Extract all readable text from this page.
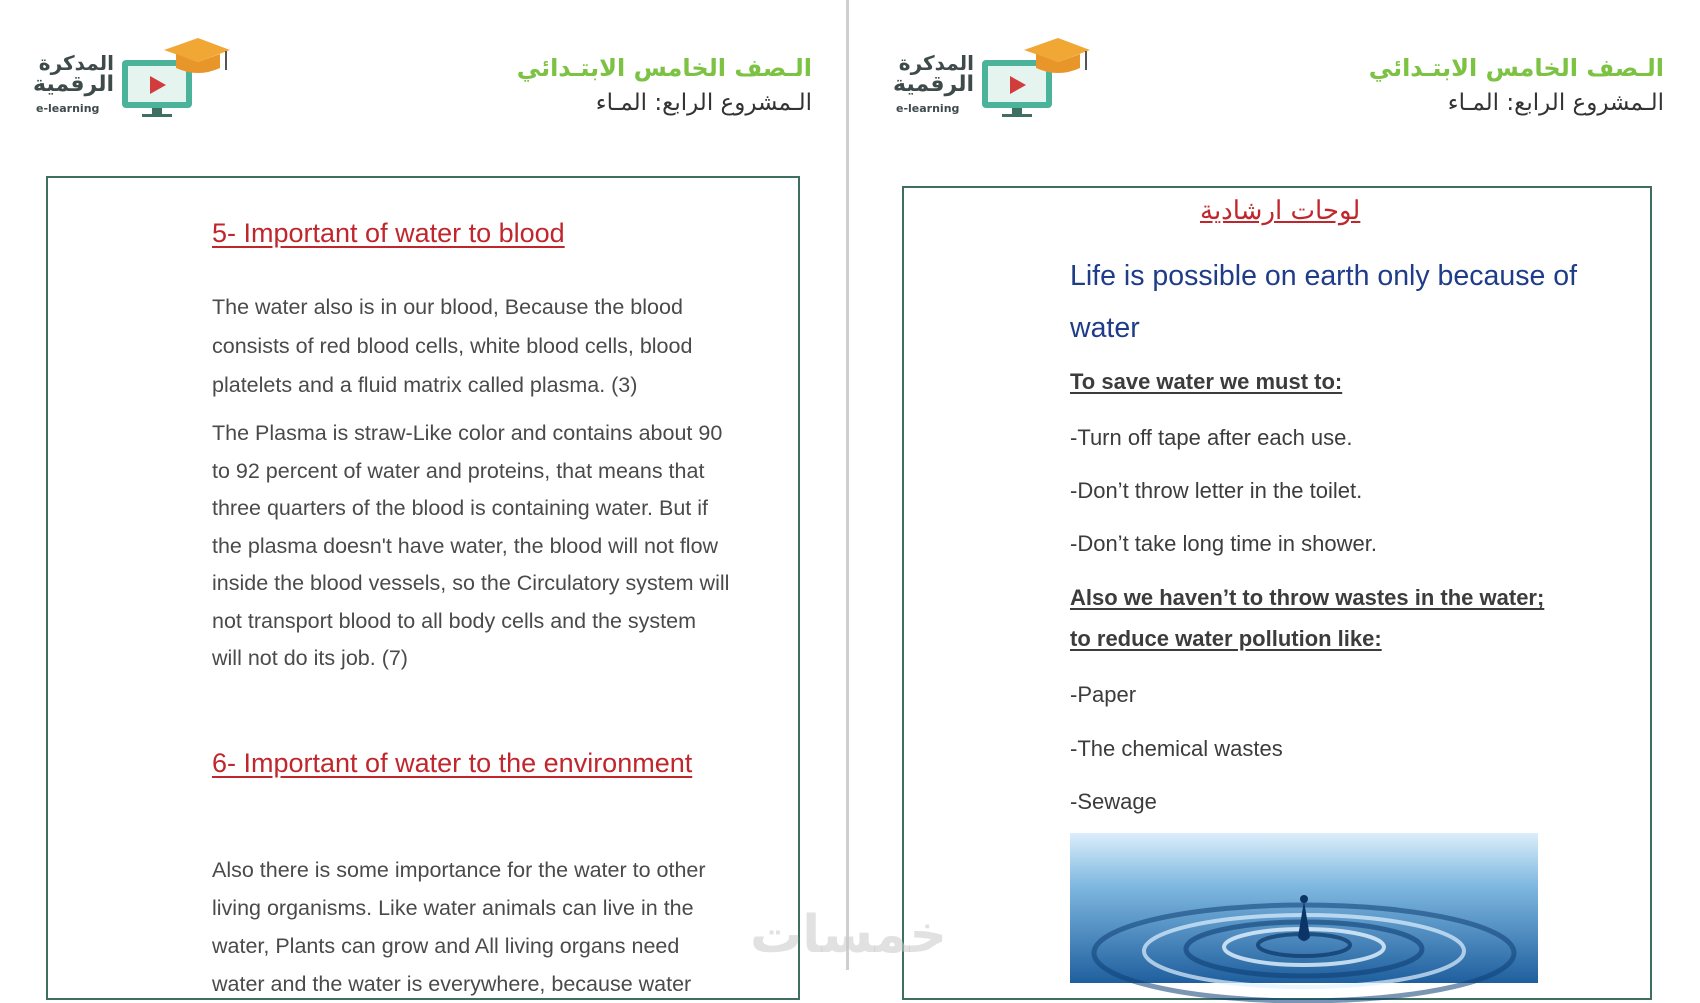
المدكرة
الرقمية
e-learning
الـصف الخامس الابتـدائي
الـمشروع الرابع: المـاء
5- Important of water to blood
The water also is in our blood, Because the blood
consists of red blood cells, white blood cells, blood
platelets and a fluid matrix called plasma. (3)
The Plasma is straw-Like color and contains about 90
to 92 percent of water and proteins, that means that
three quarters of the blood is containing water. But if
the plasma doesn't have water, the blood will not flow
inside the blood vessels, so the Circulatory system will
not transport blood to all body cells and the system
will not do its job. (7)
6- Important of water to the environment
Also there is some importance for the water to other
living organisms. Like water animals can live in the
water, Plants can grow and All living organs need
water and the water is everywhere, because water
المدكرة
الرقمية
e-learning
الـصف الخامس الابتـدائي
الـمشروع الرابع: المـاء
لوحات ارشادية
Life is possible on earth only because of
water
To save water we must to:
-Turn off tape after each use.
-Don’t throw letter in the toilet.
-Don’t take long time in shower.
Also we haven’t to throw wastes in the water;
to reduce water pollution like:
-Paper
-The chemical wastes
-Sewage
خمسات
